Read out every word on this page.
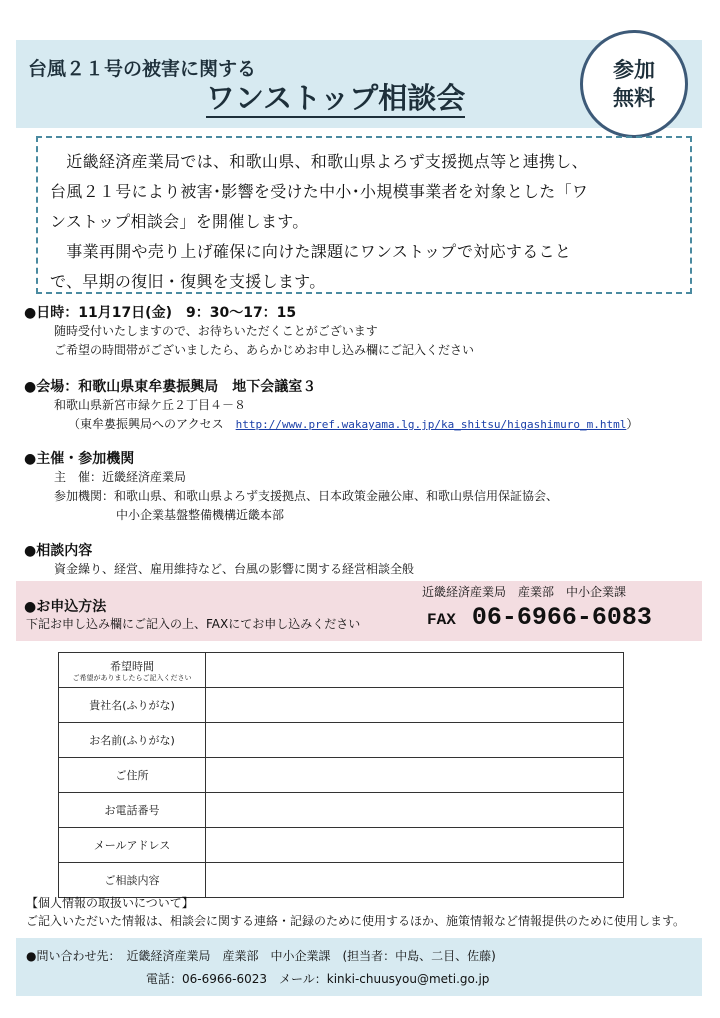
台風２１号の被害に関する
ワンストップ相談会
参加
無料

　近畿経済産業局では、和歌山県、和歌山県よろず支援拠点等と連携し、

台風２１号により被害･影響を受けた中小･小規模事業者を対象とした「ワ

ンストップ相談会」を開催します。

　事業再開や売り上げ確保に向けた課題にワンストップで対応すること

で、早期の復旧・復興を支援します。

●日時：11月17日(金)　9：30～17：15
随時受付いたしますので、お待ちいただくことがございます
ご希望の時間帯がございましたら、あらかじめお申し込み欄にご記入ください
●会場：和歌山県東牟婁振興局　地下会議室３
和歌山県新宮市緑ケ丘２丁目４－８
（東牟婁振興局へのアクセス　http://www.pref.wakayama.lg.jp/ka_shitsu/higashimuro_m.html）
●主催・参加機関
主　催：近畿経済産業局
参加機関：和歌山県、和歌山県よろず支援拠点、日本政策金融公庫、和歌山県信用保証協会、
中小企業基盤整備機構近畿本部
●相談内容
資金繰り、経営、雇用維持など、台風の影響に関する経営相談全般
●お申込方法
下記お申し込み欄にご記入の上、FAXにてお申し込みください
近畿経済産業局　産業部　中小企業課
FAX 06-6966-6083
希望時間
ご希望がありましたらご記入ください	

貴社名(ふりがな)	
お名前(ふりがな)	
ご住所	
お電話番号	
メールアドレス	
ご相談内容	
【個人情報の取扱いについて】
ご記入いただいた情報は、相談会に関する連絡・記録のために使用するほか、施策情報など情報提供のために使用します。
●問い合わせ先：　近畿経済産業局　産業部　中小企業課　(担当者：中島、二目、佐藤)
電話：06-6966-6023　メール：kinki-chuusyou@meti.go.jp
